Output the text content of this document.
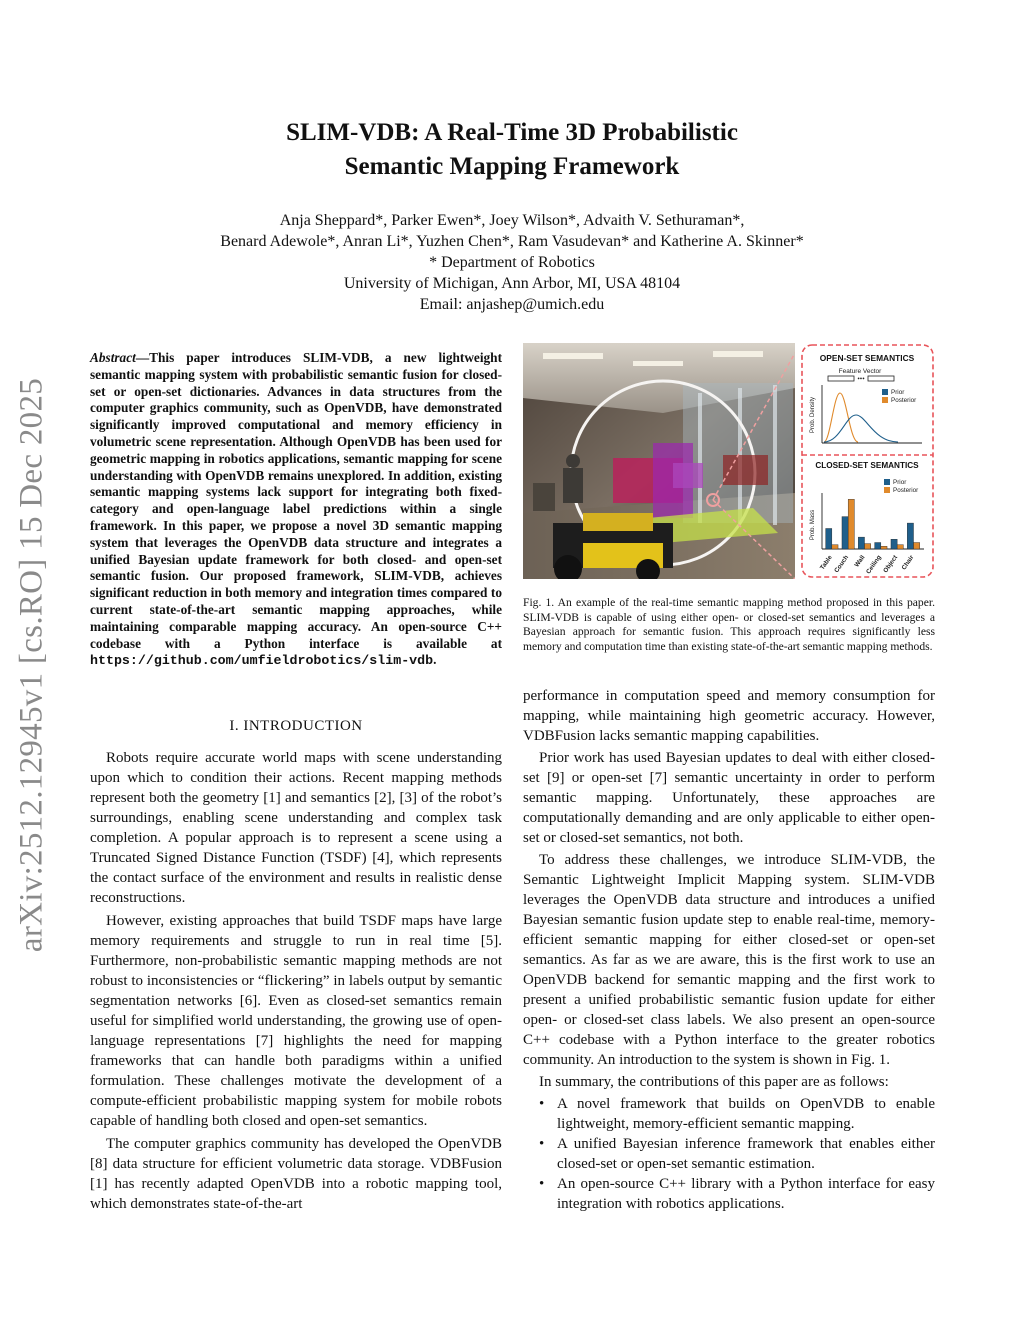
arXiv:2512.12945v1 [cs.RO] 15 Dec 2025
SLIM-VDB: A Real-Time 3D Probabilistic
Semantic Mapping Framework
Anja Sheppard*, Parker Ewen*, Joey Wilson*, Advaith V. Sethuraman*,
Benard Adewole*, Anran Li*, Yuzhen Chen*, Ram Vasudevan* and Katherine A. Skinner*
* Department of Robotics
University of Michigan, Ann Arbor, MI, USA 48104
Email: anjashep@umich.edu
Abstract—This paper introduces SLIM-VDB, a new lightweight semantic mapping system with probabilistic semantic fusion for closed-set or open-set dictionaries. Advances in data structures from the computer graphics community, such as OpenVDB, have demonstrated significantly improved computational and memory efficiency in volumetric scene representation. Although OpenVDB has been used for geometric mapping in robotics applications, semantic mapping for scene understanding with OpenVDB remains unexplored. In addition, existing semantic mapping systems lack support for integrating both fixed-category and open-language label predictions within a single framework. In this paper, we propose a novel 3D semantic mapping system that leverages the OpenVDB data structure and integrates a unified Bayesian update framework for both closed- and open-set semantic fusion. Our proposed framework, SLIM-VDB, achieves significant reduction in both memory and integration times compared to current state-of-the-art semantic mapping approaches, while maintaining comparable mapping accuracy. An open-source C++ codebase with a Python interface is available at https://github.com/umfieldrobotics/slim-vdb.
I. INTRODUCTION

Robots require accurate world maps with scene understanding upon which to condition their actions. Recent mapping methods represent both the geometry [1] and semantics [2], [3] of the robot’s surroundings, enabling scene understanding and complex task completion. A popular approach is to represent a scene using a Truncated Signed Distance Function (TSDF) [4], which represents the contact surface of the environment and results in realistic dense reconstructions.

However, existing approaches that build TSDF maps have large memory requirements and struggle to run in real time [5]. Furthermore, non-probabilistic semantic mapping methods are not robust to inconsistencies or “flickering” in labels output by semantic segmentation networks [6]. Even as closed-set semantics remain useful for simplified world understanding, the growing use of open-language representations [7] highlights the need for mapping frameworks that can handle both paradigms within a unified formulation. These challenges motivate the development of a compute-efficient probabilistic mapping system for mobile robots capable of handling both closed and open-set semantics.

The computer graphics community has developed the OpenVDB [8] data structure for efficient volumetric data storage. VDBFusion [1] has recently adapted OpenVDB into a robotic mapping tool, which demonstrates state-of-the-art

OPEN-SET SEMANTICS
Feature Vector
•••
Prob. Density
Prior
Posterior
CLOSED-SET SEMANTICS
Prior
Posterior
Prob. Mass
Table Couch Wall
Ceiling Object Chair
Fig. 1. An example of the real-time semantic mapping method proposed in this paper. SLIM-VDB is capable of using either open- or closed-set semantics and leverages a Bayesian approach for semantic fusion. This approach requires significantly less memory and computation time than existing state-of-the-art semantic mapping methods.

performance in computation speed and memory consumption for mapping, while maintaining high geometric accuracy. However, VDBFusion lacks semantic mapping capabilities.

Prior work has used Bayesian updates to deal with either closed-set [9] or open-set [7] semantic uncertainty in order to perform semantic mapping. Unfortunately, these approaches are computationally demanding and are only applicable to either open-set or closed-set semantics, not both.

To address these challenges, we introduce SLIM-VDB, the Semantic Lightweight Implicit Mapping system. SLIM-VDB leverages the OpenVDB data structure and introduces a unified Bayesian semantic fusion update step to enable real-time, memory-efficient semantic mapping for either closed-set or open-set semantics. As far as we are aware, this is the first work to use an OpenVDB backend for semantic mapping and the first work to present a unified probabilistic semantic fusion update for either open- or closed-set class labels. We also present an open-source C++ codebase with a Python interface to the greater robotics community. An introduction to the system is shown in Fig. 1.

In summary, the contributions of this paper are as follows:

• A novel framework that builds on OpenVDB to enable lightweight, memory-efficient semantic mapping.
• A unified Bayesian inference framework that enables either closed-set or open-set semantic estimation.
• An open-source C++ library with a Python interface for easy integration with robotics applications.
